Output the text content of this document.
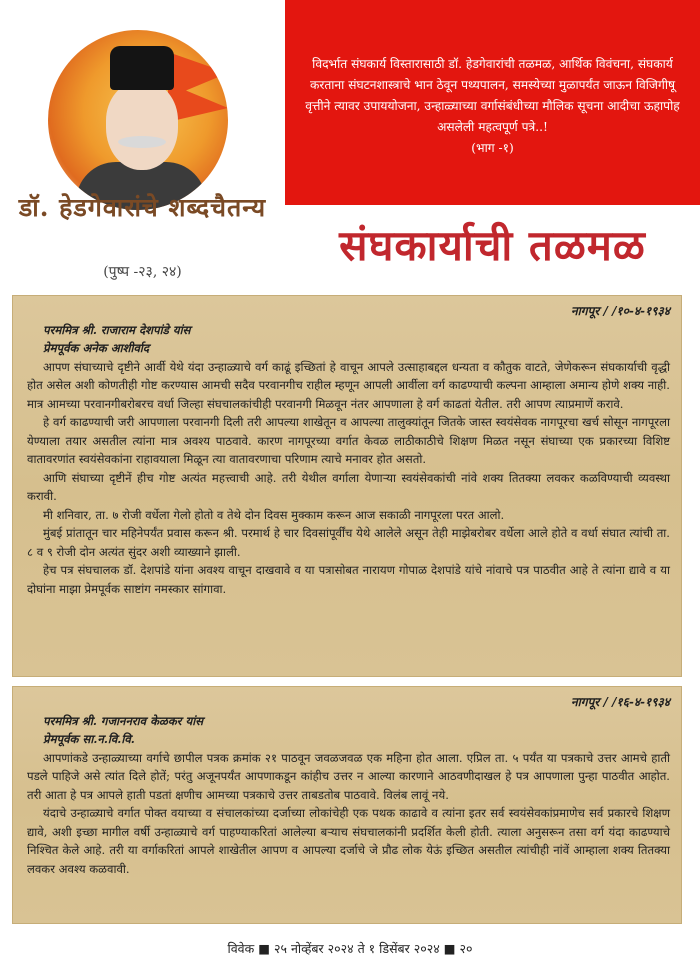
डॉ. हेडगेवारांचे शब्दचैतन्य
(पुष्प -२३, २४)
विदर्भात संघकार्य विस्तारासाठी डॉ. हेडगेवारांची तळमळ, आर्थिक विवंचना, संघकार्य करताना संघटनशास्त्राचे भान ठेवून पथ्यपालन, समस्येच्या मुळापर्यंत जाऊन विजिगीषू वृत्तीने त्यावर उपाययोजना, उन्हाळ्याच्या वर्गासंबंधीच्या मौलिक सूचना आदीचा ऊहापोह असलेली महत्वपूर्ण पत्रे..!
(भाग -१)
संघकार्याची तळमळ
नागपूर / /१०-४-१९३४
परममित्र श्री. राजाराम देशपांडे यांस
प्रेमपूर्वक अनेक आशीर्वाद

आपण संघाच्याचे दृष्टीने आर्वी येथे यंदा उन्हाळ्याचे वर्ग काढूं इच्छितां हे वाचून आपले उत्साहाबद्दल धन्यता व कौतुक वाटते, जेणेकरून संघकार्याची वृद्धी होत असेल अशी कोणतीही गोष्ट करण्यास आमची सदैव परवानगीच राहील म्हणून आपली आर्वीला वर्ग काढण्याची कल्पना आम्हाला अमान्य होणे शक्य नाही. मात्र आमच्या परवानगीबरोबरच वर्धा जिल्हा संघचालकांचीही परवानगी मिळवून नंतर आपणाला हे वर्ग काढतां येतील. तरी आपण त्याप्रमाणें करावे.

हे वर्ग काढण्याची जरी आपणाला परवानगी दिली तरी आपल्या शाखेतून व आपल्या तालुक्यांतून जितके जास्त स्वयंसेवक नागपूरचा खर्च सोसून नागपूरला येण्याला तयार असतील त्यांना मात्र अवश्य पाठवावे. कारण नागपूरच्या वर्गात केवळ लाठीकाठीचे शिक्षण मिळत नसून संघाच्या एक प्रकारच्या विशिष्ट वातावरणांत स्वयंसेवकांना राहावयाला मिळून त्या वातावरणाचा परिणाम त्याचे मनावर होत असतो.

आणि संघाच्या दृष्टीनें हीच गोष्ट अत्यंत महत्त्वाची आहे. तरी येथील वर्गाला येणाऱ्या स्वयंसेवकांची नांवे शक्य तितक्या लवकर कळविण्याची व्यवस्था करावी.

मी शनिवार, ता. ७ रोजी वर्धेला गेलो होतो व तेथे दोन दिवस मुक्काम करून आज सकाळी नागपूरला परत आलो.

मुंबई प्रांतातून चार महिनेपर्यंत प्रवास करून श्री. परमार्थ हे चार दिवसांपूर्वींच येथे आलेले असून तेही माझेबरोबर वर्धेला आले होते व वर्धा संघात त्यांची ता. ८ व ९ रोजी दोन अत्यंत सुंदर अशी व्याख्याने झाली.

हेच पत्र संघचालक डॉ. देशपांडे यांना अवश्य वाचून दाखवावे व या पत्रासोबत नारायण गोपाळ देशपांडे यांचे नांवाचे पत्र पाठवीत आहे ते त्यांना द्यावे व या दोघांना माझा प्रेमपूर्वक साष्टांग नमस्कार सांगावा.

नागपूर / /१६-४-१९३४
परममित्र श्री. गजाननराव केळकर यांस
प्रेमपूर्वक सा.न.वि.वि.

आपणांकडे उन्हाळ्याच्या वर्गाचे छापील पत्रक क्रमांक २१ पाठवून जवळजवळ एक महिना होत आला. एप्रिल ता. ५ पर्यंत या पत्रकाचे उत्तर आमचे हाती पडले पाहिजे असे त्यांत दिले होतें; परंतु अजूनपर्यंत आपणाकडून कांहीच उत्तर न आल्या कारणाने आठवणीदाखल हे पत्र आपणाला पुन्हा पाठवीत आहोत. तरी आता हे पत्र आपले हाती पडतां क्षणीच आमच्या पत्रकाचे उत्तर ताबडतोब पाठवावे. विलंब लावूं नये.

यंदाचे उन्हाळ्याचे वर्गात पोक्त वयाच्या व संचालकांच्या दर्जाच्या लोकांचेही एक पथक काढावे व त्यांना इतर सर्व स्वयंसेवकांप्रमाणेच सर्व प्रकारचे शिक्षण द्यावे, अशी इच्छा मागील वर्षी उन्हाळ्याचे वर्ग पाहण्याकरितां आलेल्या बऱ्याच संघचालकांनी प्रदर्शित केली होती. त्याला अनुसरून तसा वर्ग यंदा काढण्याचे निश्चित केले आहे. तरी या वर्गाकरितां आपले शाखेतील आपण व आपल्या दर्जाचे जे प्रौढ लोक येऊं इच्छित असतील त्यांचीही नांवें आम्हाला शक्य तितक्या लवकर अवश्य कळवावी.

विवेक ■ २५ नोव्हेंबर २०२४ ते १ डिसेंबर २०२४ ■ २०
